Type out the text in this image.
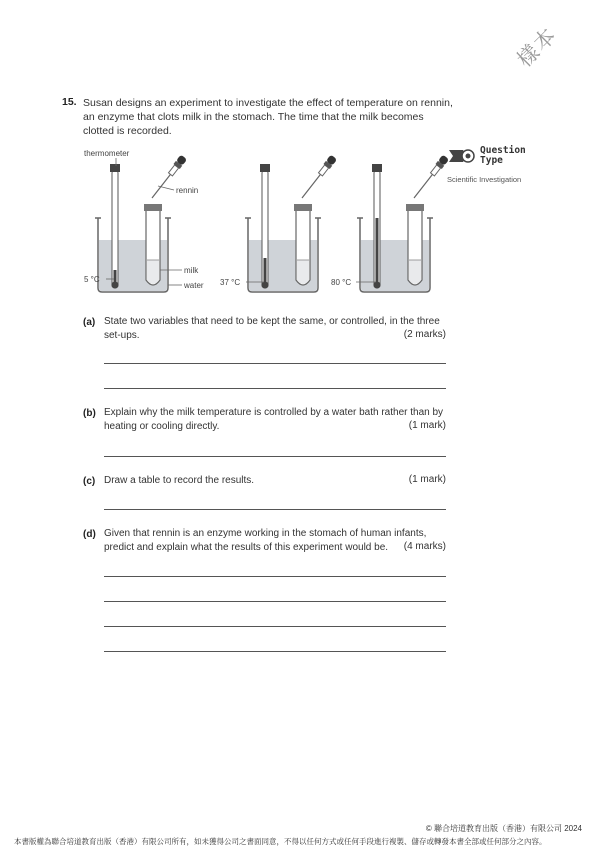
樣本
15. Susan designs an experiment to investigate the effect of temperature on rennin, an enzyme that clots milk in the stomach. The time that the milk becomes clotted is recorded.
Question Type
Scientific Investigation
thermometer
rennin
milk
water
5 °C	37 °C	80 °C
(a) State two variables that need to be kept the same, or controlled, in the three set-ups.	(2 marks)
(b) Explain why the milk temperature is controlled by a water bath rather than by heating or cooling directly.	(1 mark)
(c) Draw a table to record the results.	(1 mark)
(d) Given that rennin is an enzyme working in the stomach of human infants, predict and explain what the results of this experiment would be.	(4 marks)
© 聯合培道教育出版（香港）有限公司 2024
本書版權為聯合培道教育出版（香港）有限公司所有，如未獲得公司之書面同意，不得以任何方式或任何手段進行複製、儲存或轉發本書全部或任何部分之內容。
